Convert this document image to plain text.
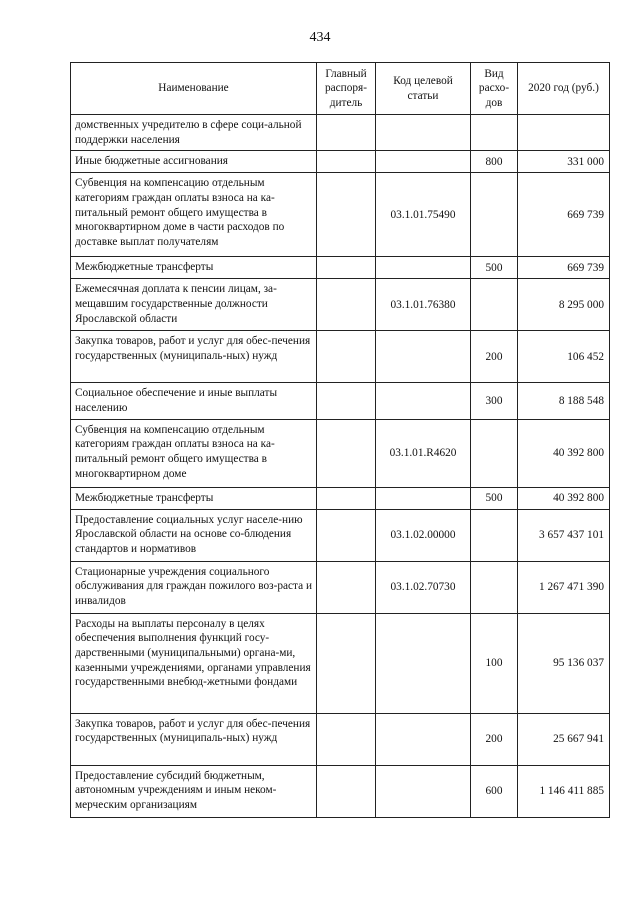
434
Наименование	Главный распоря-дитель	Код целевой статьи	Вид расхо-дов	2020 год (руб.)
домственных учредителю в сфере соци-альной поддержки населения				
Иные бюджетные ассигнования			800	331 000
Субвенция на компенсацию отдельным категориям граждан оплаты взноса на ка-питальный ремонт общего имущества в многоквартирном доме в части расходов по доставке выплат получателям		03.1.01.75490		669 739
Межбюджетные трансферты			500	669 739
Ежемесячная доплата к пенсии лицам, за-мещавшим государственные должности Ярославской области		03.1.01.76380		8 295 000
Закупка товаров, работ и услуг для обес-печения государственных (муниципаль-ных) нужд			200	106 452
Социальное обеспечение и иные выплаты населению			300	8 188 548
Субвенция на компенсацию отдельным категориям граждан оплаты взноса на ка-питальный ремонт общего имущества в многоквартирном доме		03.1.01.R4620		40 392 800
Межбюджетные трансферты			500	40 392 800
Предоставление социальных услуг населе-нию Ярославской области на основе со-блюдения стандартов и нормативов		03.1.02.00000		3 657 437 101
Стационарные учреждения социального обслуживания для граждан пожилого воз-раста и инвалидов		03.1.02.70730		1 267 471 390
Расходы на выплаты персоналу в целях обеспечения выполнения функций госу-дарственными (муниципальными) органа-ми, казенными учреждениями, органами управления государственными внебюд-жетными фондами			100	95 136 037
Закупка товаров, работ и услуг для обес-печения государственных (муниципаль-ных) нужд			200	25 667 941
Предоставление субсидий бюджетным, автономным учреждениям и иным неком-мерческим организациям			600	1 146 411 885
